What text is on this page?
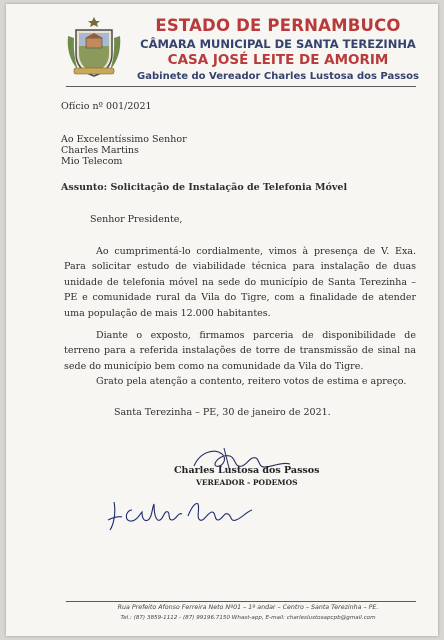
ESTADO DE PERNAMBUCO
CÂMARA MUNICIPAL DE SANTA TEREZINHA
CASA JOSÉ LEITE DE AMORIM
Gabinete do Vereador Charles Lustosa dos Passos
Ofício nº 001/2021
Ao Excelentíssimo Senhor
Charles Martins
Mio Telecom
Assunto: Solicitação de Instalação de Telefonia Móvel
Senhor Presidente,
Ao cumprimentá-lo cordialmente, vimos à presença de V. Exa. Para solicitar estudo de viabilidade técnica para instalação de duas unidade de telefonia móvel na sede do município de Santa Terezinha – PE e comunidade rural da Vila do Tigre, com a finalidade de atender uma população de mais 12.000 habitantes.
Diante o exposto, firmamos parceria de disponibilidade de terreno para a referida instalações de torre de transmissão de sinal na sede do município bem como na comunidade da Vila do Tigre.
Grato pela atenção a contento, reitero votos de estima e apreço.
Santa Terezinha – PE, 30 de janeiro de 2021.
Charles Lustosa dos Passos
VEREADOR - PODEMOS
Rua Prefeito Afonso Ferreira Neto Nº01 – 1º andar – Centro – Santa Terezinha – PE.
Tel.: (87) 3859-1112 - (87) 99196.7150 Whast-app, E-mail: charleslustosapcpb@gmail.com
